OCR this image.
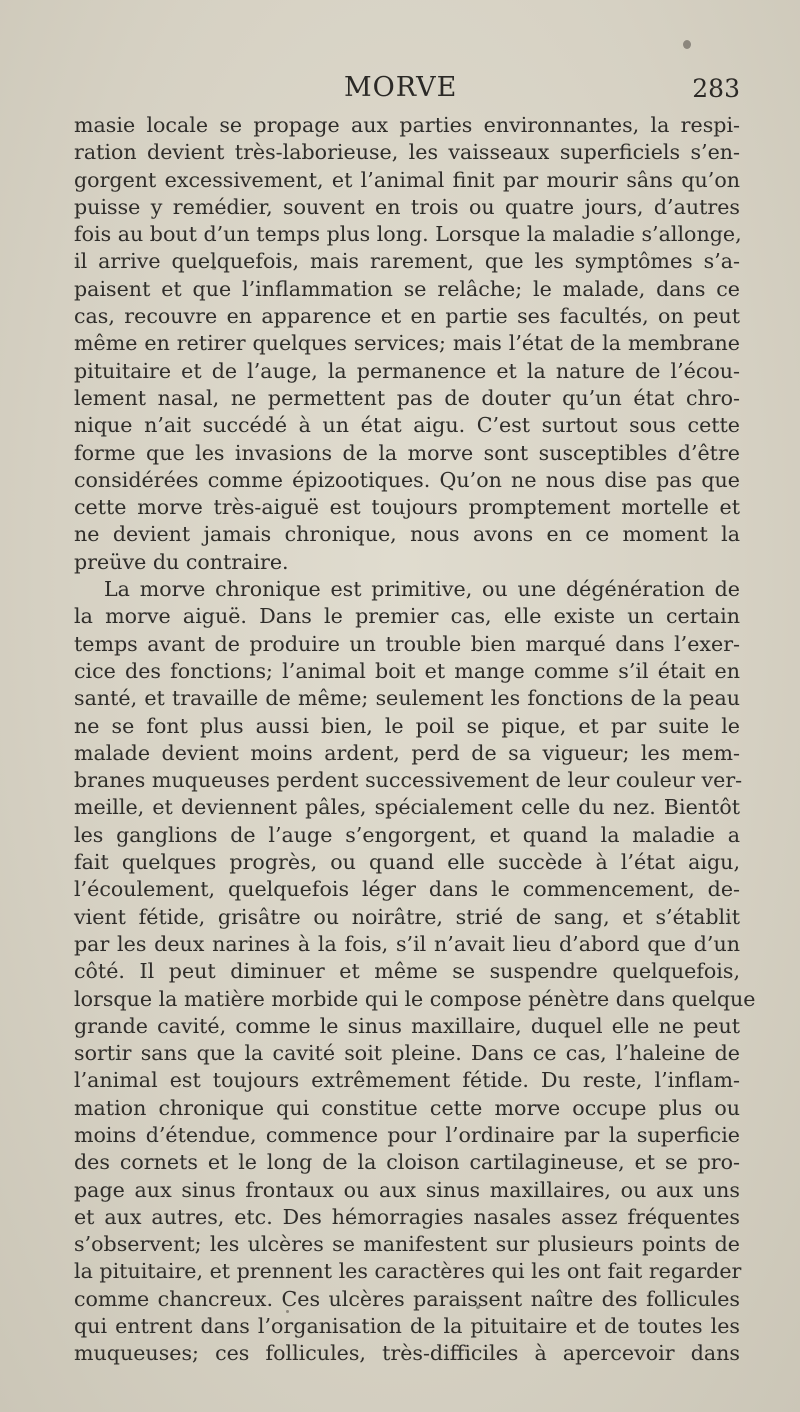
MORVE	283
masie locale se propage aux parties environnantes, la respi-
ration devient très-laborieuse, les vaisseaux superficiels s’en-
gorgent excessivement, et l’animal finit par mourir sâns qu’on
puisse y remédier, souvent en trois ou quatre jours, d’autres
fois au bout d’un temps plus long. Lorsque la maladie s’allonge,
il arrive quelquefois, mais rarement, que les symptômes s’a-
paisent et que l’inflammation se relâche; le malade, dans ce
cas, recouvre en apparence et en partie ses facultés, on peut
même en retirer quelques services; mais l’état de la membrane
pituitaire et de l’auge, la permanence et la nature de l’écou-
lement nasal, ne permettent pas de douter qu’un état chro-
nique n’ait succédé à un état aigu. C’est surtout sous cette
forme que les invasions de la morve sont susceptibles d’être
considérées comme épizootiques. Qu’on ne nous dise pas que
cette morve très-aiguë est toujours promptement mortelle et
ne devient jamais chronique, nous avons en ce moment la
preüve du contraire.
La morve chronique est primitive, ou une dégénération de
la morve aiguë. Dans le premier cas, elle existe un certain
temps avant de produire un trouble bien marqué dans l’exer-
cice des fonctions; l’animal boit et mange comme s’il était en
santé, et travaille de même; seulement les fonctions de la peau
ne se font plus aussi bien, le poil se pique, et par suite le
malade devient moins ardent, perd de sa vigueur; les mem-
branes muqueuses perdent successivement de leur couleur ver-
meille, et deviennent pâles, spécialement celle du nez. Bientôt
les ganglions de l’auge s’engorgent, et quand la maladie a
fait quelques progrès, ou quand elle succède à l’état aigu,
l’écoulement, quelquefois léger dans le commencement, de-
vient fétide, grisâtre ou noirâtre, strié de sang, et s’établit
par les deux narines à la fois, s’il n’avait lieu d’abord que d’un
côté. Il peut diminuer et même se suspendre quelquefois,
lorsque la matière morbide qui le compose pénètre dans quelque
grande cavité, comme le sinus maxillaire, duquel elle ne peut
sortir sans que la cavité soit pleine. Dans ce cas, l’haleine de
l’animal est toujours extrêmement fétide. Du reste, l’inflam-
mation chronique qui constitue cette morve occupe plus ou
moins d’étendue, commence pour l’ordinaire par la superficie
des cornets et le long de la cloison cartilagineuse, et se pro-
page aux sinus frontaux ou aux sinus maxillaires, ou aux uns
et aux autres, etc. Des hémorragies nasales assez fréquentes
s’observent; les ulcères se manifestent sur plusieurs points de
la pituitaire, et prennent les caractères qui les ont fait regarder
comme chancreux. Ces ulcères paraissent naître des follicules
qui entrent dans l’organisation de la pituitaire et de toutes les
muqueuses; ces follicules, très-difficiles à apercevoir dans
